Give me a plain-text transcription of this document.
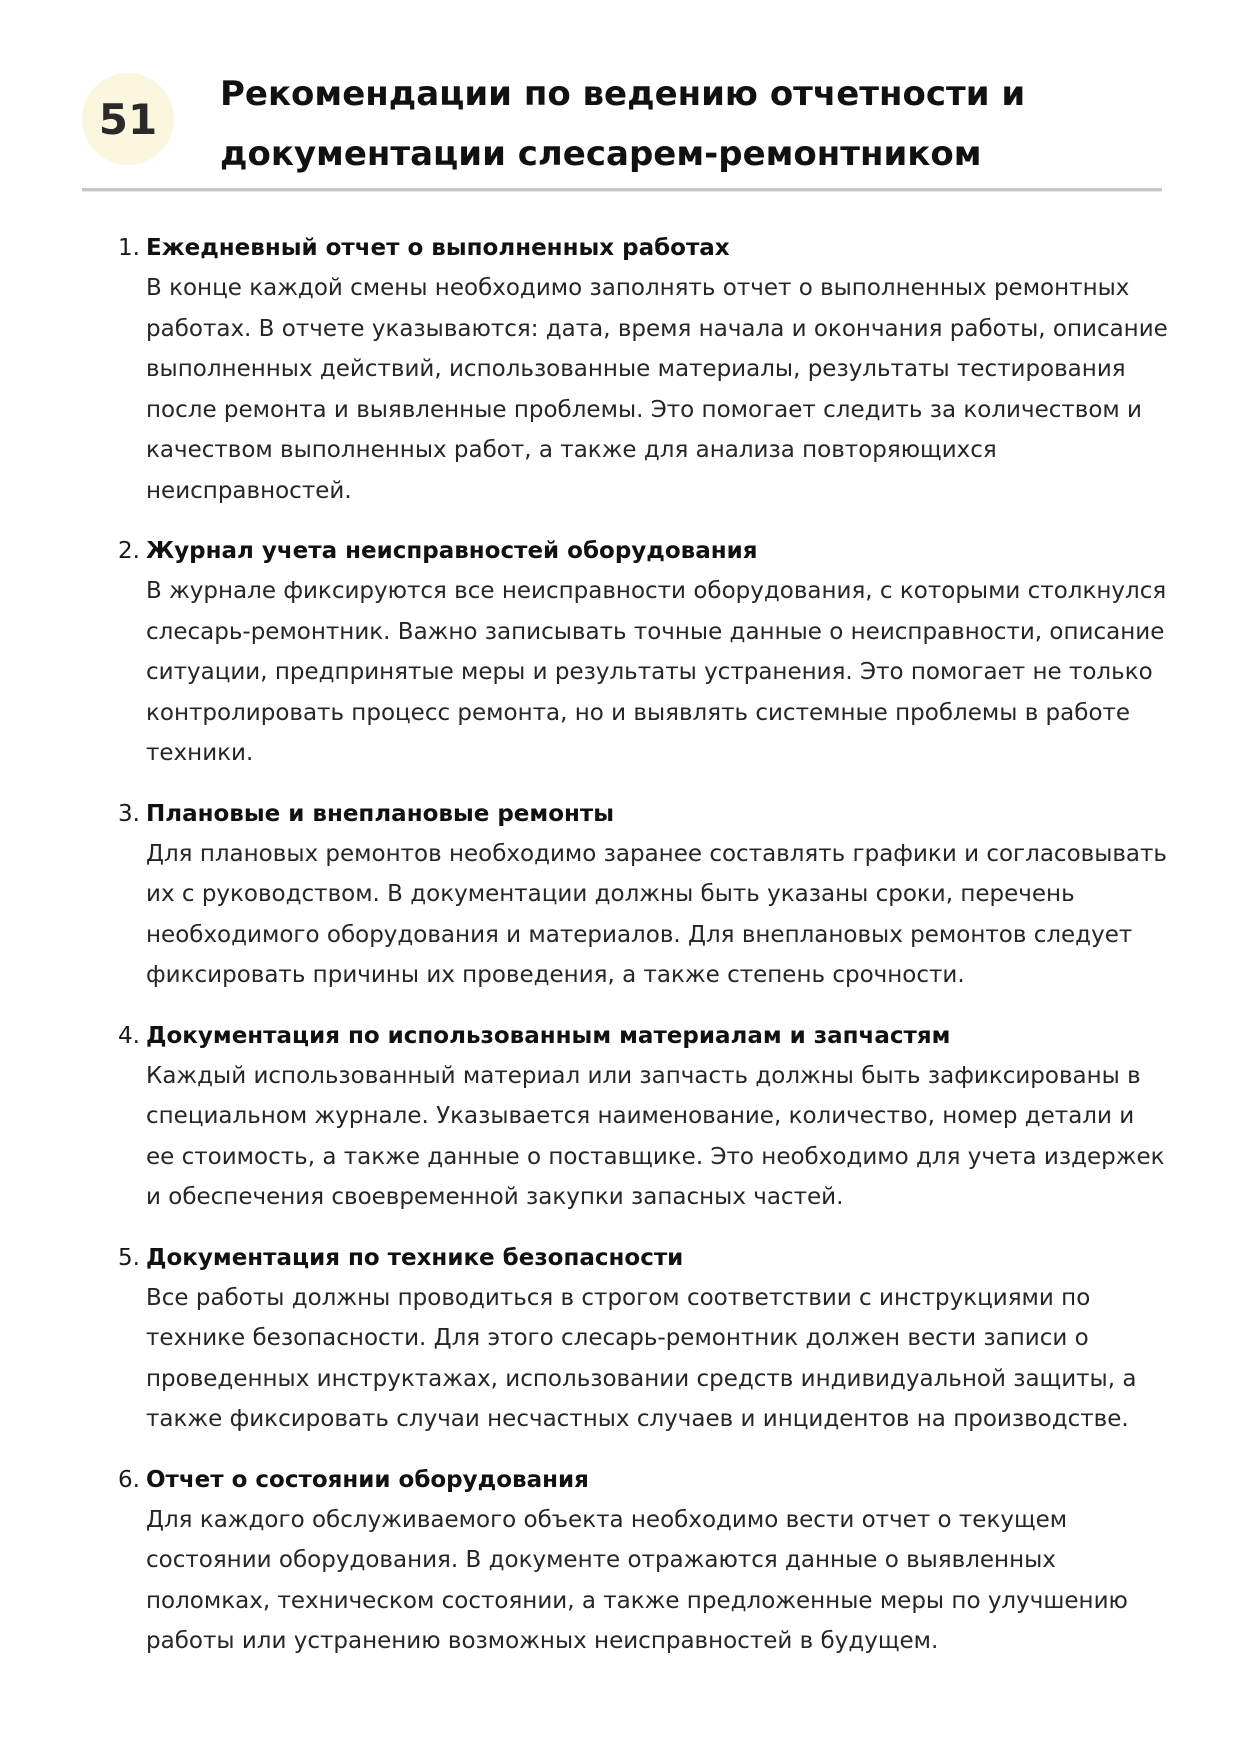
51
Рекомендации по ведению отчетности и
документации слесарем-ремонтником
1. Ежедневный отчет о выполненных работах

В конце каждой смены необходимо заполнять отчет о выполненных ремонтных работах. В отчете указываются: дата, время начала и окончания работы, описание выполненных действий, использованные материалы, результаты тестирования после ремонта и выявленные проблемы. Это помогает следить за количеством и качеством выполненных работ, а также для анализа повторяющихся неисправностей.

2. Журнал учета неисправностей оборудования

В журнале фиксируются все неисправности оборудования, с которыми столкнулся слесарь-ремонтник. Важно записывать точные данные о неисправности, описание ситуации, предпринятые меры и результаты устранения. Это помогает не только контролировать процесс ремонта, но и выявлять системные проблемы в работе техники.

3. Плановые и внеплановые ремонты

Для плановых ремонтов необходимо заранее составлять графики и согласовывать их с руководством. В документации должны быть указаны сроки, перечень необходимого оборудования и материалов. Для внеплановых ремонтов следует фиксировать причины их проведения, а также степень срочности.

4. Документация по использованным материалам и запчастям

Каждый использованный материал или запчасть должны быть зафиксированы в специальном журнале. Указывается наименование, количество, номер детали и ее стоимость, а также данные о поставщике. Это необходимо для учета издержек и обеспечения своевременной закупки запасных частей.

5. Документация по технике безопасности

Все работы должны проводиться в строгом соответствии с инструкциями по технике безопасности. Для этого слесарь-ремонтник должен вести записи о проведенных инструктажах, использовании средств индивидуальной защиты, а также фиксировать случаи несчастных случаев и инцидентов на производстве.

6. Отчет о состоянии оборудования

Для каждого обслуживаемого объекта необходимо вести отчет о текущем состоянии оборудования. В документе отражаются данные о выявленных поломках, техническом состоянии, а также предложенные меры по улучшению работы или устранению возможных неисправностей в будущем.
